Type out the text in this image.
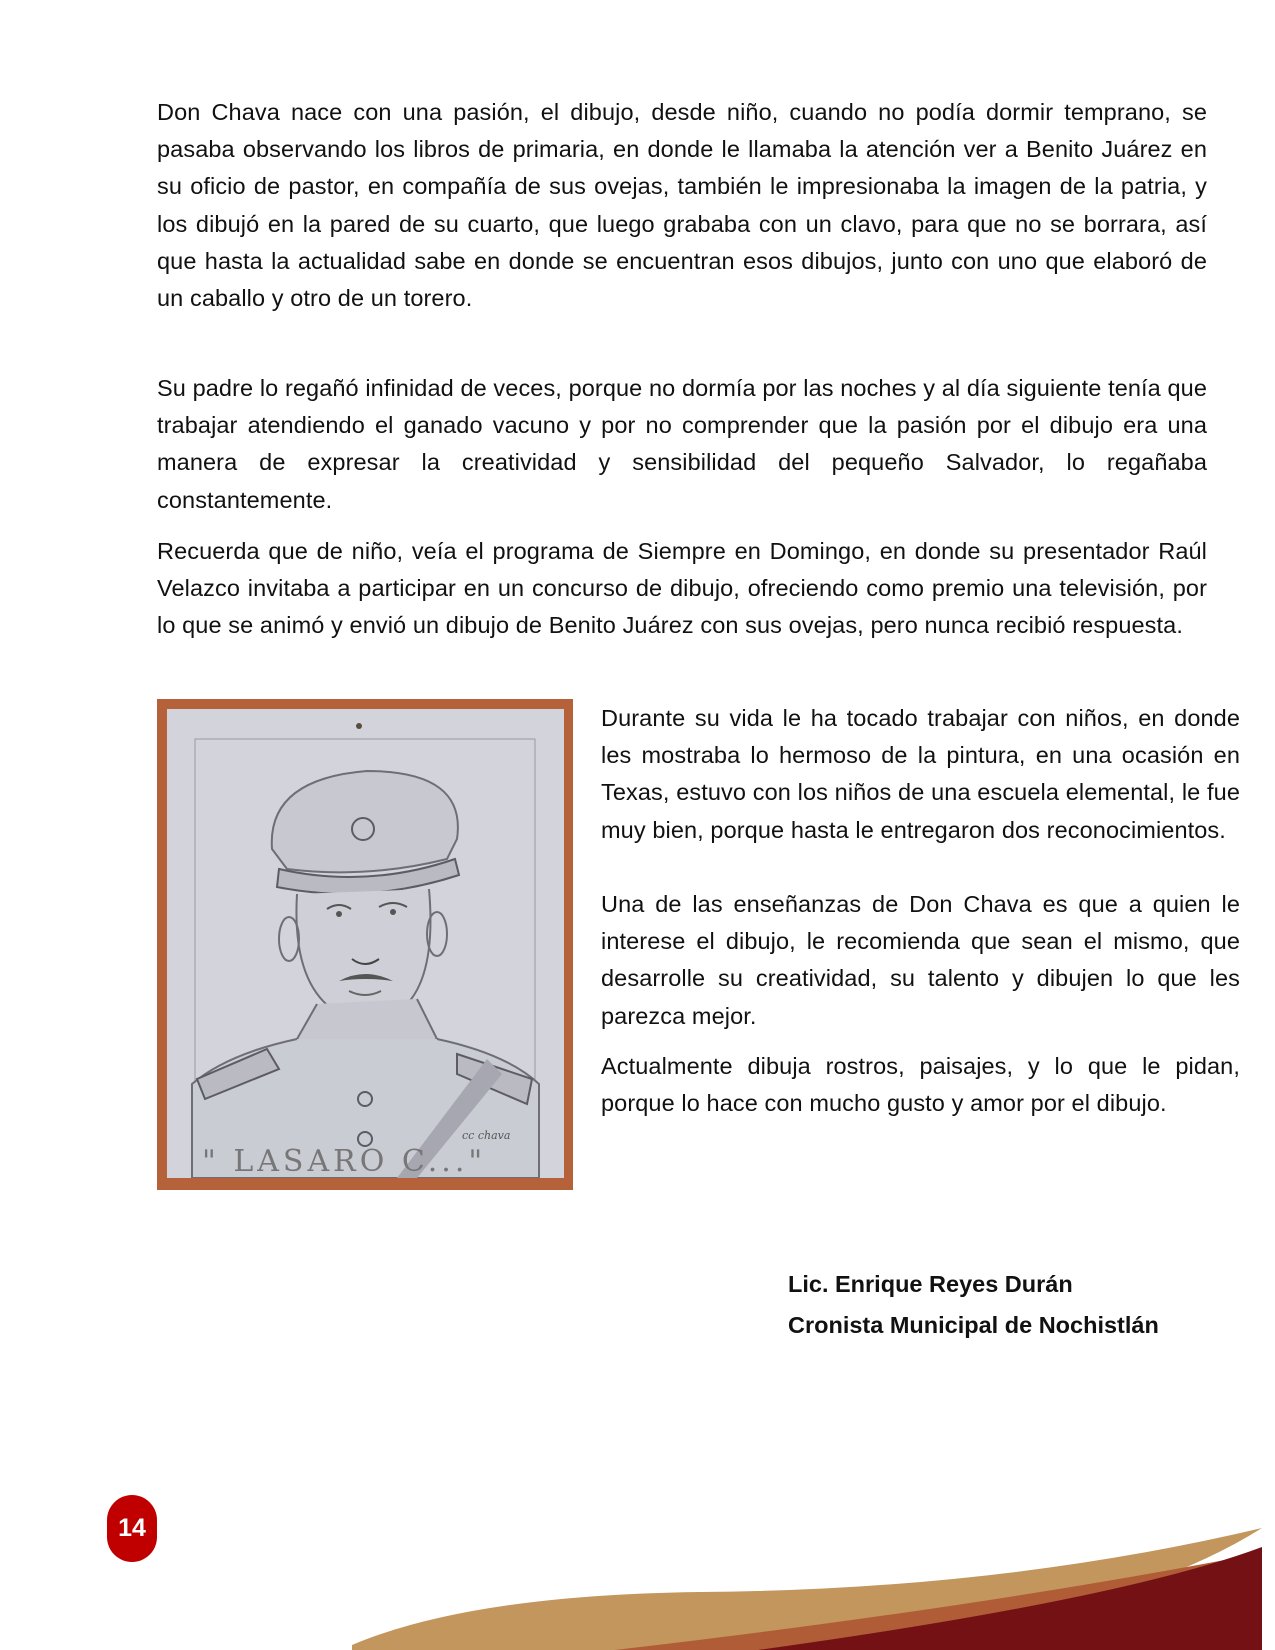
Don Chava nace con una pasión, el dibujo, desde niño, cuando no podía dormir temprano, se pasaba observando los libros de primaria, en donde le llamaba la atención ver a Benito Juárez en su oficio de pastor, en compañía de sus ovejas, también le impresionaba la imagen de la patria, y los dibujó en la pared de su cuarto, que luego grababa con un clavo, para que no se borrara, así que hasta la actualidad sabe en donde se encuentran esos dibujos, junto con uno que elaboró de un caballo y otro de un torero.

Su padre lo regañó infinidad de veces, porque no dormía por las noches y al día siguiente tenía que trabajar atendiendo el ganado vacuno y por no comprender que la pasión por el dibujo era una manera de expresar la creatividad y sensibilidad del pequeño Salvador, lo regañaba constantemente.

Recuerda que de niño, veía el programa de Siempre en Domingo, en donde su presentador Raúl Velazco invitaba a participar en un concurso de dibujo, ofreciendo como premio una televisión, por lo que se animó y envió un dibujo de Benito Juárez con sus ovejas, pero nunca recibió respuesta.

cc chava
" LASARO C..."

Durante su vida le ha tocado trabajar con niños, en donde les mostraba lo hermoso de la pintura, en una ocasión en Texas, estuvo con los niños de una escuela elemental, le fue muy bien, porque hasta le entregaron dos reconocimientos.

Una de las enseñanzas de Don Chava es que a quien le interese el dibujo, le recomienda que sean el mismo, que desarrolle su creatividad, su talento y dibujen lo que les parezca mejor.

Actualmente dibuja rostros, paisajes, y lo que le pidan, porque lo hace con mucho gusto y amor por el dibujo.

Lic. Enrique Reyes Durán
Cronista Municipal de Nochistlán
14
